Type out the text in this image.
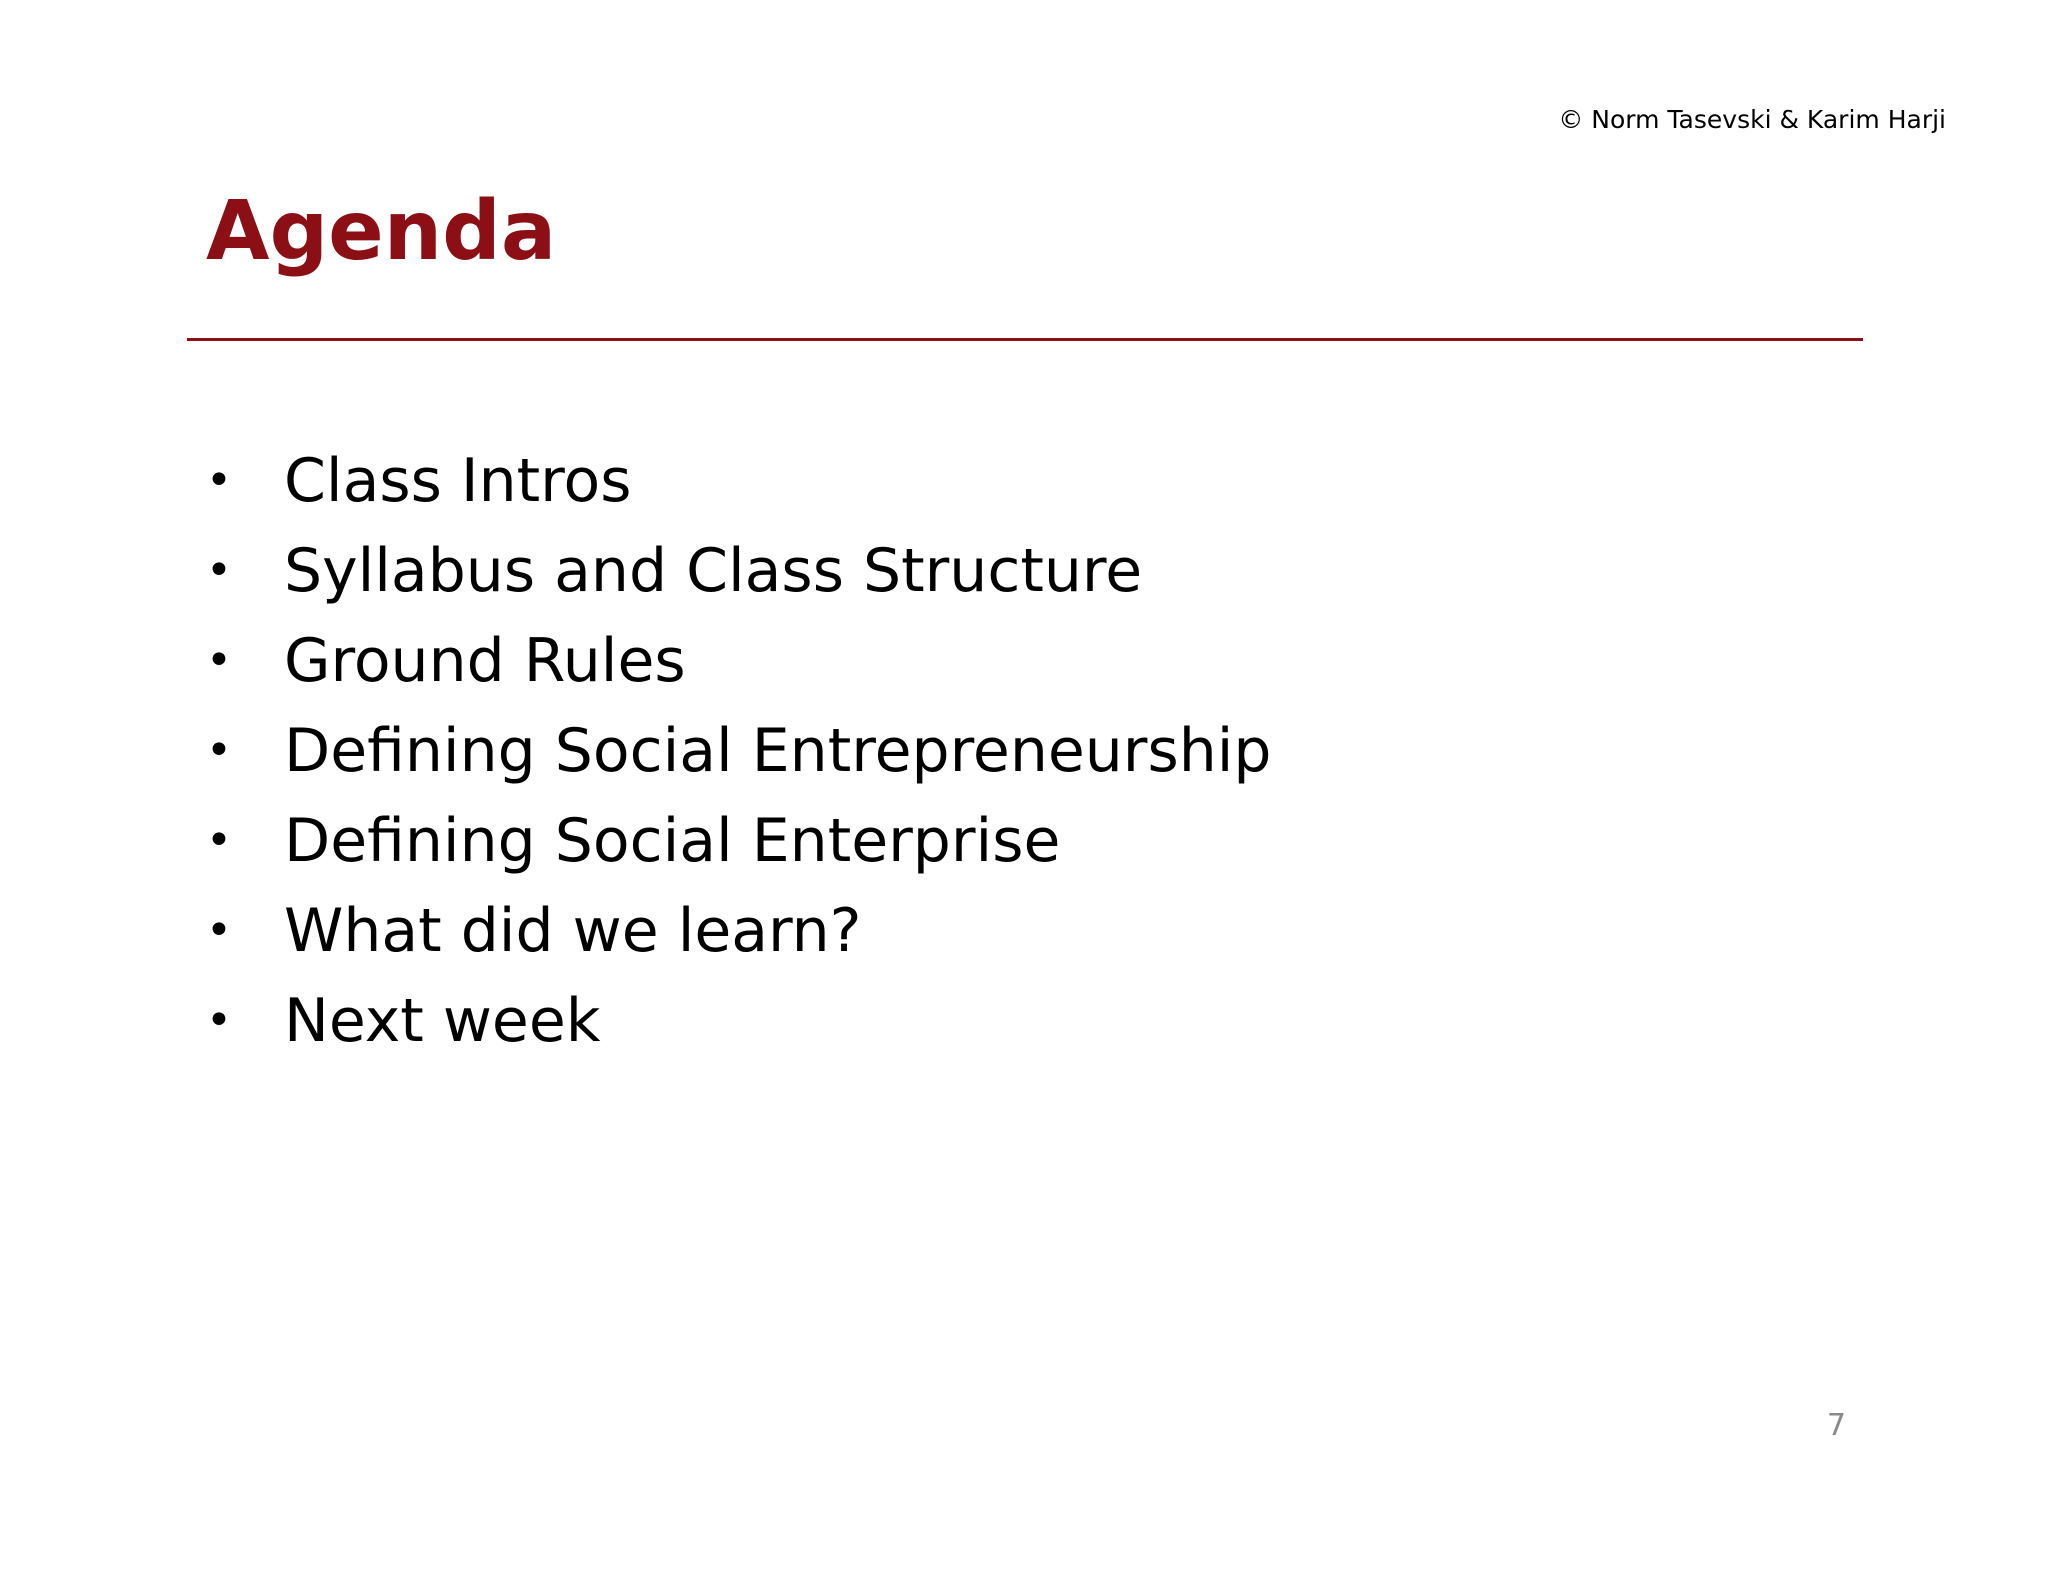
© Norm Tasevski & Karim Harji
Agenda
• Class Intros
• Syllabus and Class Structure
• Ground Rules
• Defining Social Entrepreneurship
• Defining Social Enterprise
• What did we learn?
• Next week
7
